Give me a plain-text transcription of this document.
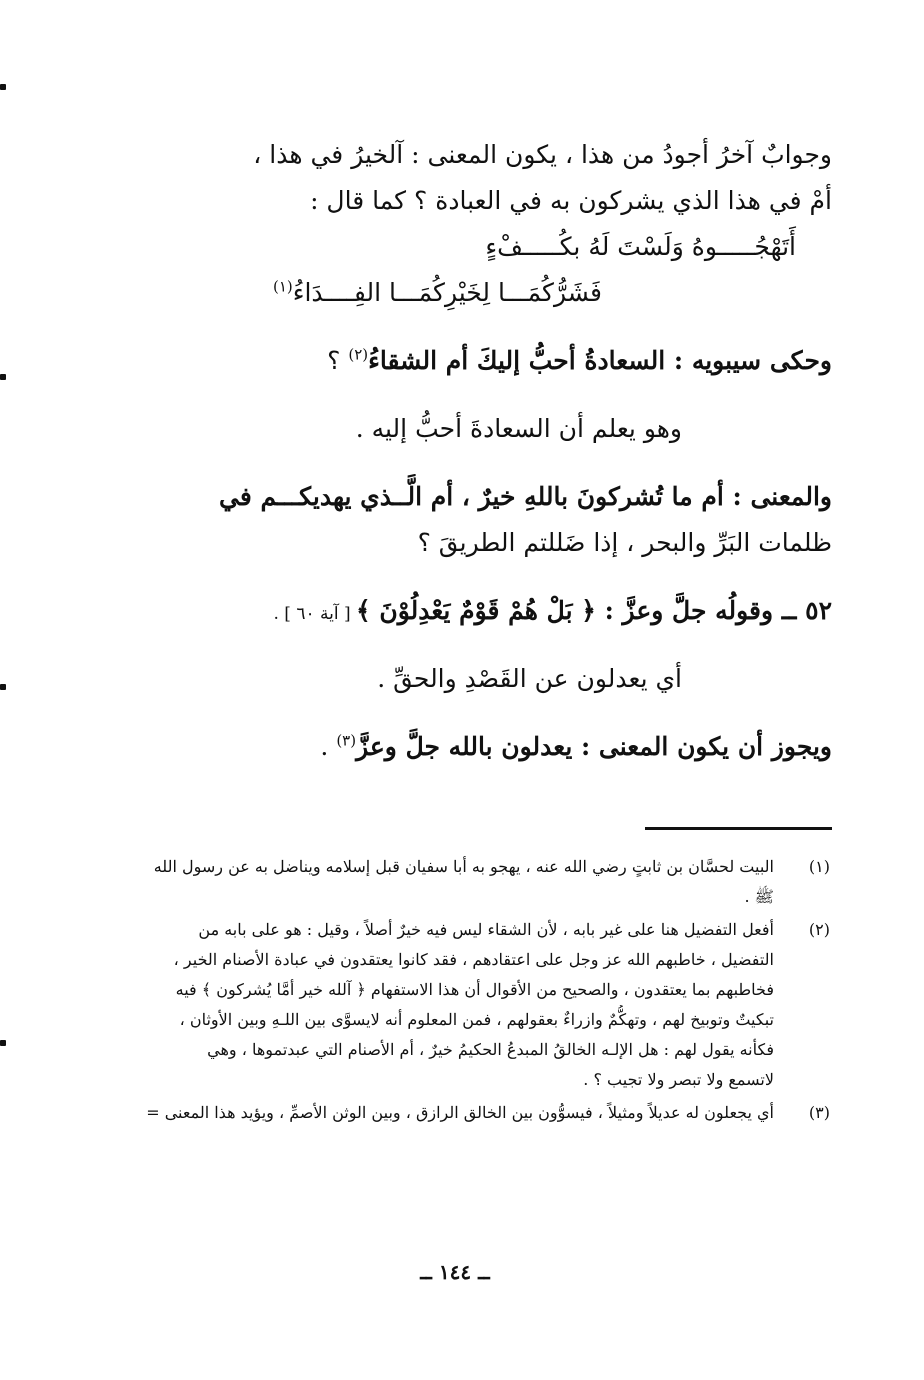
وجوابٌ آخرُ أجودُ من هذا ، يكون المعنى : آلخيرُ في هذا ،
أمْ في هذا الذي يشركون به في العبادة ؟ كما قال :
أَتَهْجُـــــوهُ وَلَسْتَ لَهُ بكُـــــفْءٍ
فَشَرُّكُمَـــا لِخَيْرِكُمَـــا الفِــــدَاءُ$^{(١)}$
وحكى سيبويه : السعادةُ أحبُّ إليكَ أم الشقاءُ$^{(٢)}$ ؟
وهو يعلم أن السعادةَ أحبُّ إليه .
والمعنى : أم ما تُشركونَ باللهِ خيرٌ ، أم الَّــذي يهديكـــم في
ظلمات البَرِّ والبحر ، إذا ضَللتم الطريقَ ؟
٥٢ ــ وقولُه جلَّ وعزَّ : ﴿ بَلْ هُمْ قَوْمٌ يَعْدِلُوْنَ ﴾ [ آية ٦٠ ] .
أي يعدلون عن القَصْدِ والحقِّ .
ويجوز أن يكون المعنى : يعدلون بالله جلَّ وعزَّ$^{(٣)}$ .
(١)
البيت لحسَّان بن ثابتٍ رضي الله عنه ، يهجو به أبا سفيان قبل إسلامه ويناضل به عن رسول الله
ﷺ .
(٢)
أفعل التفضيل هنا على غير بابه ، لأن الشقاء ليس فيه خيرٌ أصلاً ، وقيل : هو على بابه من
التفضيل ، خاطبهم الله عز وجل على اعتقادهم ، فقد كانوا يعتقدون في عبادة الأصنام الخير ،
فخاطبهم بما يعتقدون ، والصحيح من الأقوال أن هذا الاستفهام ﴿ آلله خير أمَّا يُشركون ﴾ فيه
تبكيتٌ وتوبيخ لهم ، وتهكُّمٌ وازراءٌ بعقولهم ، فمن المعلوم أنه لايسوَّى بين اللـهِ وبين الأوثان ،
فكأنه يقول لهم : هل الإلـه الخالقُ المبدعُ الحكيمُ خيرٌ ، أم الأصنام التي عبدتموها ، وهي
لاتسمع ولا تبصر ولا تجيب ؟ .
(٣)
أي يجعلون له عديلاً ومثيلاً ، فيسوُّون بين الخالق الرازق ، وبين الوثن الأصمِّ ، ويؤيد هذا المعنى =
ــ ١٤٤ ــ
